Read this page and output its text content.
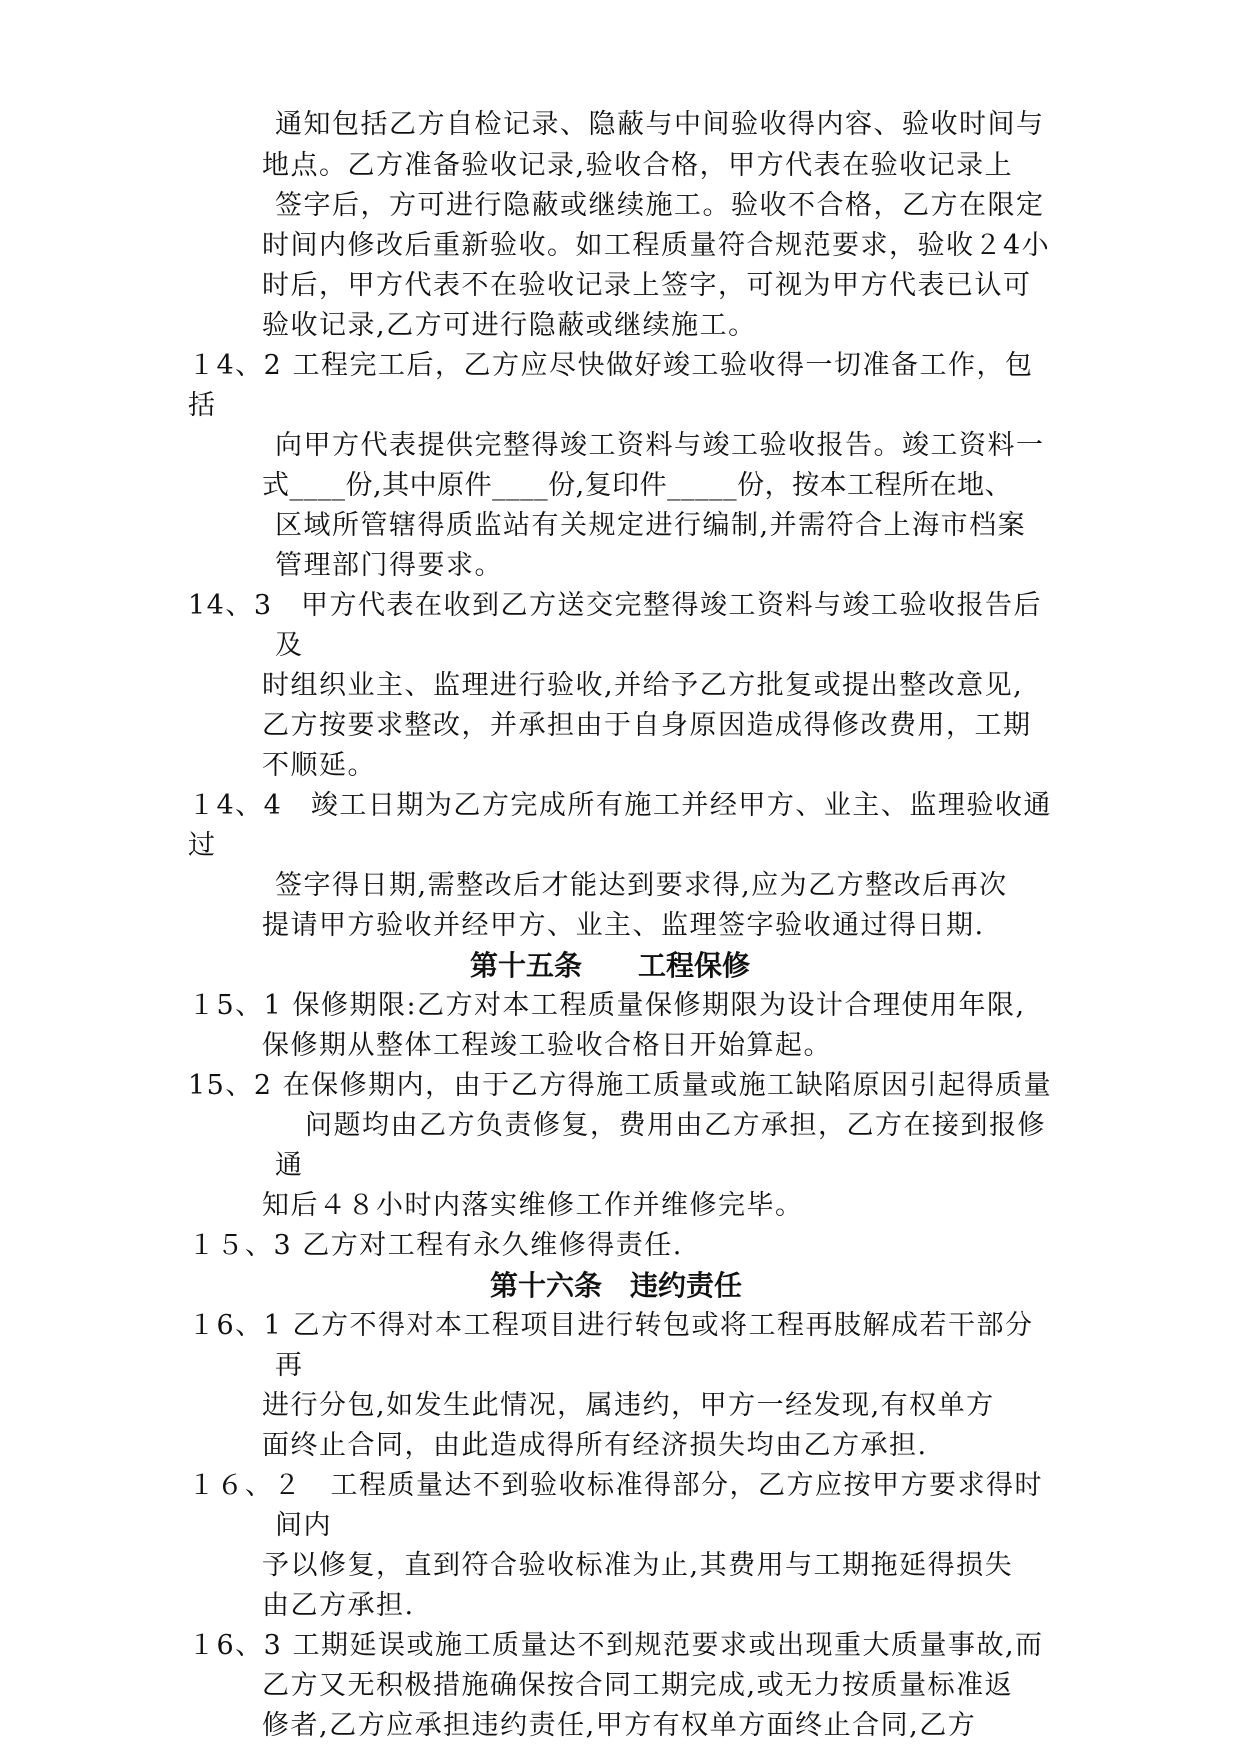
通知包括乙方自检记录、隐蔽与中间验收得内容、验收时间与
地点。乙方准备验收记录,验收合格，甲方代表在验收记录上
签字后，方可进行隐蔽或继续施工。验收不合格，乙方在限定
时间内修改后重新验收。如工程质量符合规范要求，验收２4小
时后，甲方代表不在验收记录上签字，可视为甲方代表已认可
验收记录,乙方可进行隐蔽或继续施工。
１4、2 工程完工后，乙方应尽快做好竣工验收得一切准备工作，包
括
向甲方代表提供完整得竣工资料与竣工验收报告。竣工资料一
式____份,其中原件____份,复印件_____份，按本工程所在地、
区域所管辖得质监站有关规定进行编制,并需符合上海市档案
管理部门得要求。
14、3　甲方代表在收到乙方送交完整得竣工资料与竣工验收报告后
及
时组织业主、监理进行验收,并给予乙方批复或提出整改意见,
乙方按要求整改，并承担由于自身原因造成得修改费用，工期
不顺延。
１4、4　竣工日期为乙方完成所有施工并经甲方、业主、监理验收通
过
签字得日期,需整改后才能达到要求得,应为乙方整改后再次
提请甲方验收并经甲方、业主、监理签字验收通过得日期.
第十五条　　工程保修
１5、1 保修期限:乙方对本工程质量保修期限为设计合理使用年限,
保修期从整体工程竣工验收合格日开始算起。
15、2 在保修期内，由于乙方得施工质量或施工缺陷原因引起得质量
问题均由乙方负责修复，费用由乙方承担，乙方在接到报修
通
知后４８小时内落实维修工作并维修完毕。
１５、3 乙方对工程有永久维修得责任.
第十六条　违约责任
１6、1 乙方不得对本工程项目进行转包或将工程再肢解成若干部分
再
进行分包,如发生此情况，属违约，甲方一经发现,有权单方
面终止合同，由此造成得所有经济损失均由乙方承担.
１６、２　工程质量达不到验收标准得部分，乙方应按甲方要求得时
间内
予以修复，直到符合验收标准为止,其费用与工期拖延得损失
由乙方承担.
１6、3 工期延误或施工质量达不到规范要求或出现重大质量事故,而
乙方又无积极措施确保按合同工期完成,或无力按质量标准返
修者,乙方应承担违约责任,甲方有权单方面终止合同,乙方
